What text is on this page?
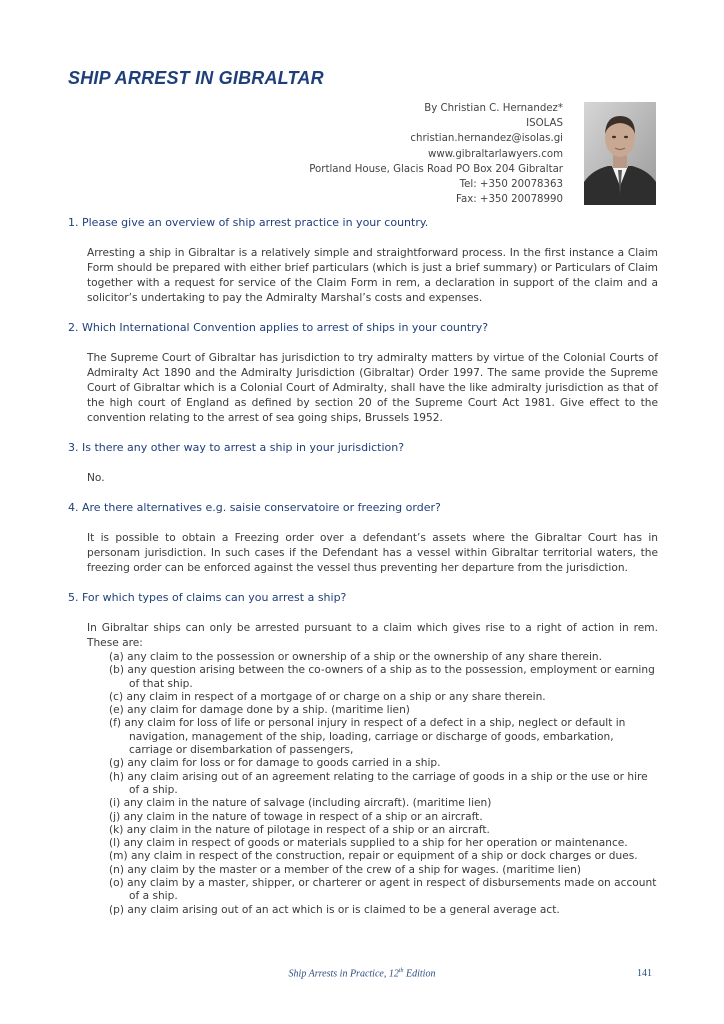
SHIP ARREST IN GIBRALTAR
By Christian C. Hernandez*
ISOLAS
christian.hernandez@isolas.gi
www.gibraltarlawyers.com
Portland House, Glacis Road PO Box 204 Gibraltar
Tel: +350 20078363
Fax: +350 20078990
1. Please give an overview of ship arrest practice in your country.

Arresting a ship in Gibraltar is a relatively simple and straightforward process. In the first instance a Claim Form should be prepared with either brief particulars (which is just a brief summary) or Particulars of Claim together with a request for service of the Claim Form in rem, a declaration in support of the claim and a solicitor’s undertaking to pay the Admiralty Marshal’s costs and expenses.

2. Which International Convention applies to arrest of ships in your country?

The Supreme Court of Gibraltar has jurisdiction to try admiralty matters by virtue of the Colonial Courts of Admiralty Act 1890 and the Admiralty Jurisdiction (Gibraltar) Order 1997. The same provide the Supreme Court of Gibraltar which is a Colonial Court of Admiralty, shall have the like admiralty jurisdiction as that of the high court of England as defined by section 20 of the Supreme Court Act 1981. Give effect to the convention relating to the arrest of sea going ships, Brussels 1952.

3. Is there any other way to arrest a ship in your jurisdiction?

No.

4. Are there alternatives e.g. saisie conservatoire or freezing order?

It is possible to obtain a Freezing order over a defendant’s assets where the Gibraltar Court has in personam jurisdiction. In such cases if the Defendant has a vessel within Gibraltar territorial waters, the freezing order can be enforced against the vessel thus preventing her departure from the jurisdiction.

5. For which types of claims can you arrest a ship?

In Gibraltar ships can only be arrested pursuant to a claim which gives rise to a right of action in rem. These are:

(a) any claim to the possession or ownership of a ship or the ownership of any share therein.
(b) any question arising between the co-owners of a ship as to the possession, employment or earning of that ship.
(c) any claim in respect of a mortgage of or charge on a ship or any share therein.
(e) any claim for damage done by a ship. (maritime lien)
(f) any claim for loss of life or personal injury in respect of a defect in a ship, neglect or default in navigation, management of the ship, loading, carriage or discharge of goods, embarkation, carriage or disembarkation of passengers,
(g) any claim for loss or for damage to goods carried in a ship.
(h) any claim arising out of an agreement relating to the carriage of goods in a ship or the use or hire of a ship.
(i) any claim in the nature of salvage (including aircraft). (maritime lien)
(j) any claim in the nature of towage in respect of a ship or an aircraft.
(k) any claim in the nature of pilotage in respect of a ship or an aircraft.
(l) any claim in respect of goods or materials supplied to a ship for her operation or maintenance.
(m) any claim in respect of the construction, repair or equipment of a ship or dock charges or dues.
(n) any claim by the master or a member of the crew of a ship for wages. (maritime lien)
(o) any claim by a master, shipper, or charterer or agent in respect of disbursements made on account of a ship.
(p) any claim arising out of an act which is or is claimed to be a general average act.
Ship Arrests in Practice, 12th Edition	141
